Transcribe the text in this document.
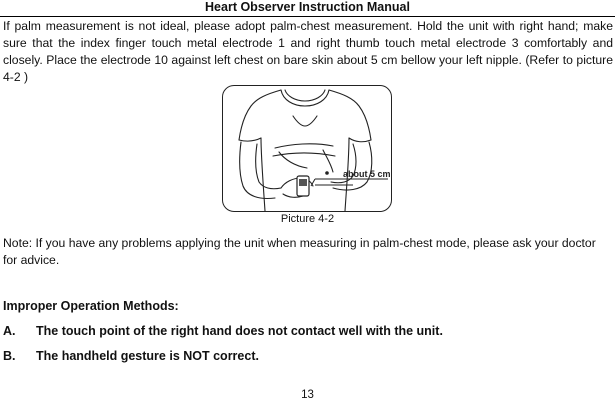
Heart Observer Instruction Manual
If palm measurement is not ideal, please adopt palm-chest measurement. Hold the unit with right hand; make sure that the index finger touch metal electrode 1 and right thumb touch metal electrode 3 comfortably and closely. Place the electrode 10 against left chest on bare skin about 5 cm bellow your left nipple. (Refer to picture 4-2 )
about 5 cm
Picture 4-2
Note: If you have any problems applying the unit when measuring in palm-chest mode, please ask your doctor for advice.
Improper Operation Methods:
A. The touch point of the right hand does not contact well with the unit.
B. The handheld gesture is NOT correct.
13
